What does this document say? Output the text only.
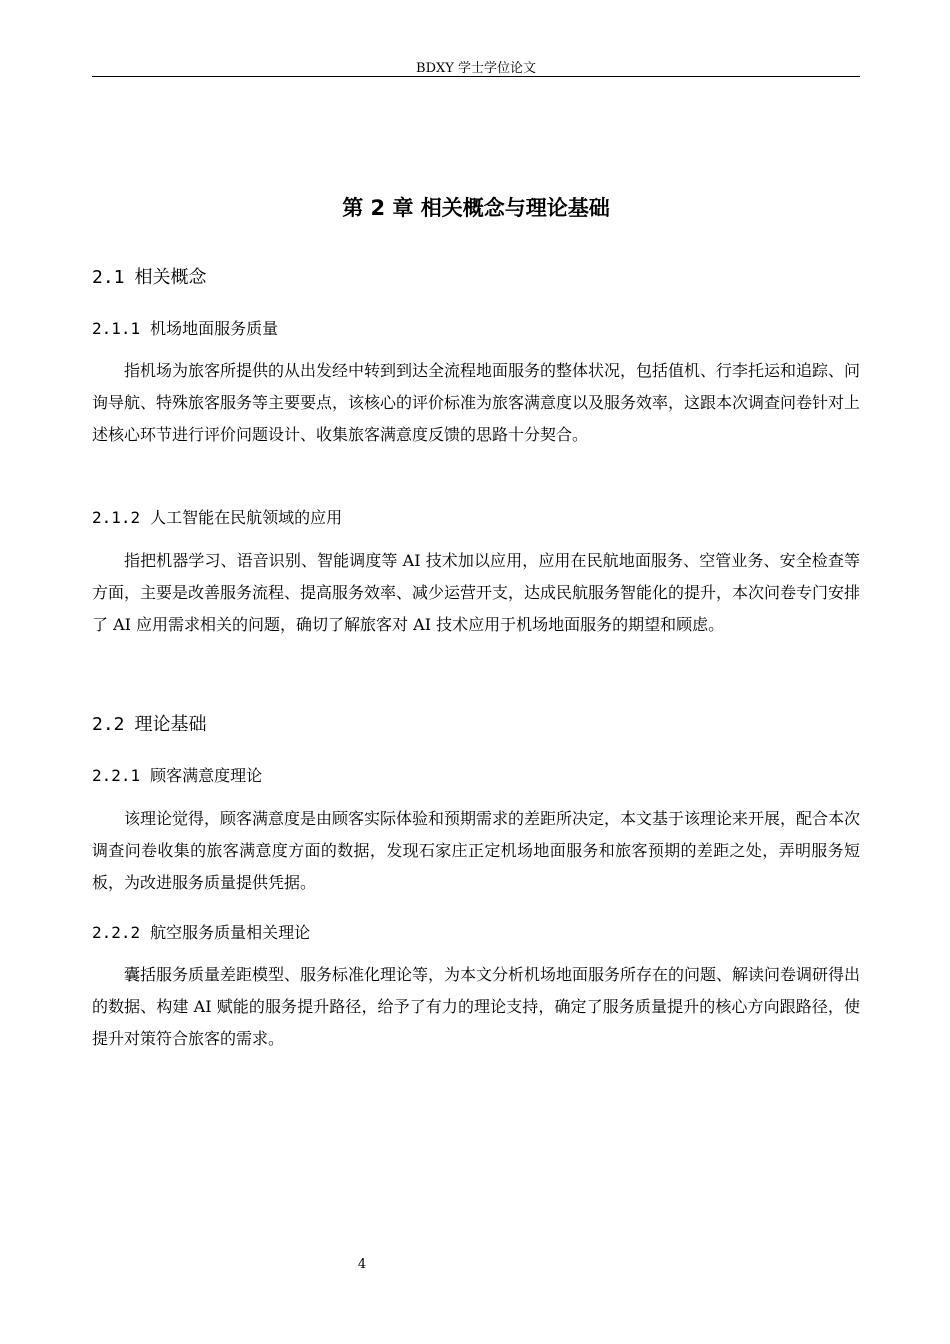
BDXY 学士学位论文
第 2 章 相关概念与理论基础
2.1 相关概念
2.1.1 机场地面服务质量

指机场为旅客所提供的从出发经中转到到达全流程地面服务的整体状况，包括值机、行李托运和追踪、问询导航、特殊旅客服务等主要要点，该核心的评价标准为旅客满意度以及服务效率，这跟本次调查问卷针对上述核心环节进行评价问题设计、收集旅客满意度反馈的思路十分契合。

2.1.2 人工智能在民航领域的应用

指把机器学习、语音识别、智能调度等 AI 技术加以应用，应用在民航地面服务、空管业务、安全检查等方面，主要是改善服务流程、提高服务效率、减少运营开支，达成民航服务智能化的提升，本次问卷专门安排了 AI 应用需求相关的问题，确切了解旅客对 AI 技术应用于机场地面服务的期望和顾虑。

2.2 理论基础
2.2.1 顾客满意度理论

该理论觉得，顾客满意度是由顾客实际体验和预期需求的差距所决定，本文基于该理论来开展，配合本次调查问卷收集的旅客满意度方面的数据，发现石家庄正定机场地面服务和旅客预期的差距之处，弄明服务短板，为改进服务质量提供凭据。

2.2.2 航空服务质量相关理论

囊括服务质量差距模型、服务标准化理论等，为本文分析机场地面服务所存在的问题、解读问卷调研得出的数据、构建 AI 赋能的服务提升路径，给予了有力的理论支持，确定了服务质量提升的核心方向跟路径，使提升对策符合旅客的需求。

4
